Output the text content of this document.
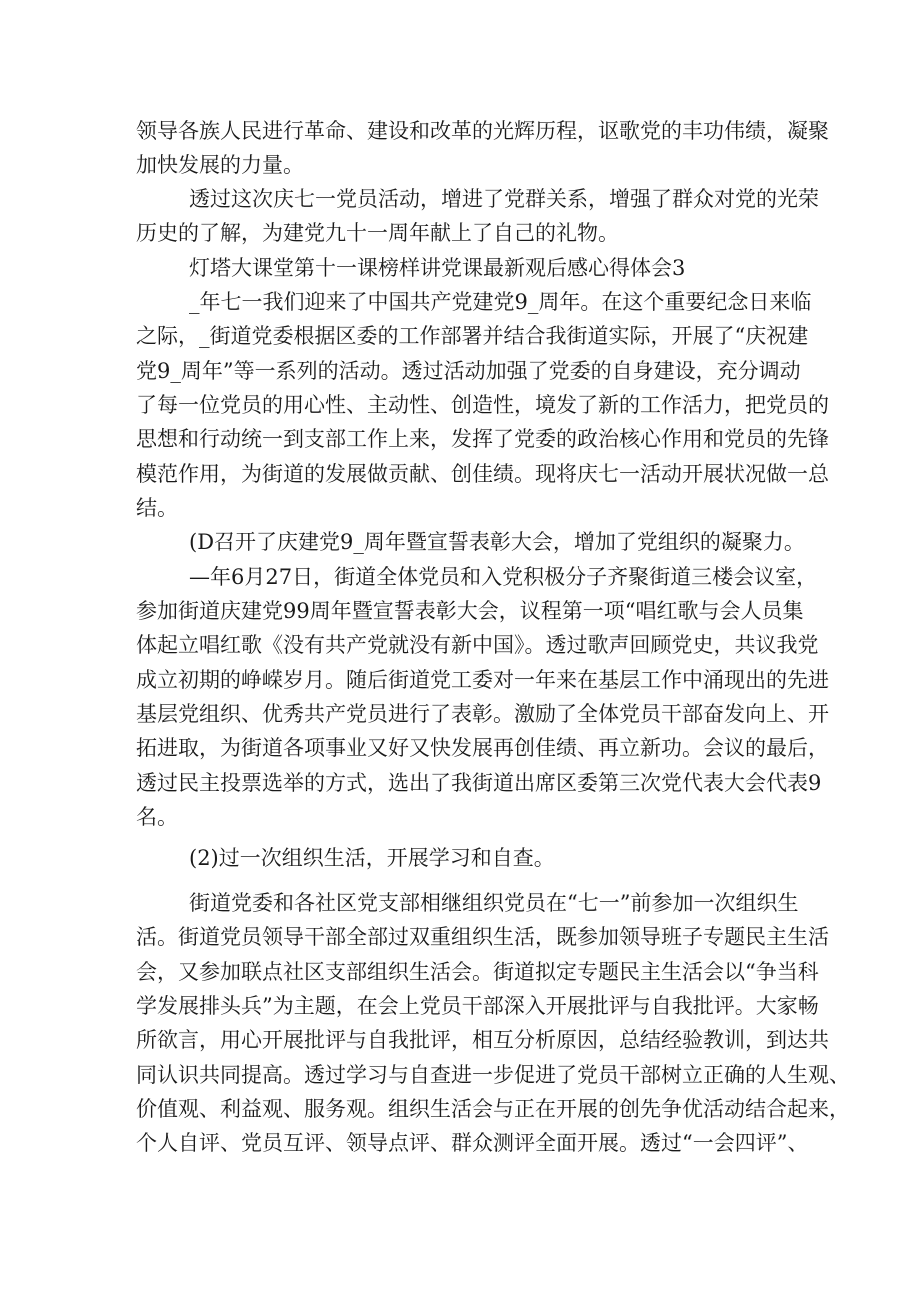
领导各族人民进行革命、建设和改革的光辉历程，讴歌党的丰功伟绩，凝聚
加快发展的力量。
透过这次庆七一党员活动，增进了党群关系，增强了群众对党的光荣
历史的了解，为建党九十一周年献上了自己的礼物。
灯塔大课堂第十一课榜样讲党课最新观后感心得体会3
_年七一我们迎来了中国共产党建党9_周年。在这个重要纪念日来临
之际，_街道党委根据区委的工作部署并结合我街道实际，开展了“庆祝建
党9_周年”等一系列的活动。透过活动加强了党委的自身建设，充分调动
了每一位党员的用心性、主动性、创造性，境发了新的工作活力，把党员的
思想和行动统一到支部工作上来，发挥了党委的政治核心作用和党员的先锋
模范作用，为街道的发展做贡献、创佳绩。现将庆七一活动开展状况做一总
结。
(D召开了庆建党9_周年暨宣誓表彰大会，增加了党组织的凝聚力。
—年6月27日，街道全体党员和入党积极分子齐聚街道三楼会议室，
参加街道庆建党99周年暨宣誓表彰大会，议程第一项“唱红歌与会人员集
体起立唱红歌《没有共产党就没有新中国》。透过歌声回顾党史，共议我党
成立初期的峥嵘岁月。随后街道党工委对一年来在基层工作中涌现出的先进
基层党组织、优秀共产党员进行了表彰。激励了全体党员干部奋发向上、开
拓进取，为街道各项事业又好又快发展再创佳绩、再立新功。会议的最后，
透过民主投票选举的方式，选出了我街道出席区委第三次党代表大会代表9
名。
(2)过一次组织生活，开展学习和自查。
街道党委和各社区党支部相继组织党员在“七一”前参加一次组织生
活。街道党员领导干部全部过双重组织生活，既参加领导班子专题民主生活
会，又参加联点社区支部组织生活会。街道拟定专题民主生活会以“争当科
学发展排头兵”为主题，在会上党员干部深入开展批评与自我批评。大家畅
所欲言，用心开展批评与自我批评，相互分析原因，总结经验教训，到达共
同认识共同提高。透过学习与自查进一步促进了党员干部树立正确的人生观、
价值观、利益观、服务观。组织生活会与正在开展的创先争优活动结合起来，
个人自评、党员互评、领导点评、群众测评全面开展。透过“一会四评”、
